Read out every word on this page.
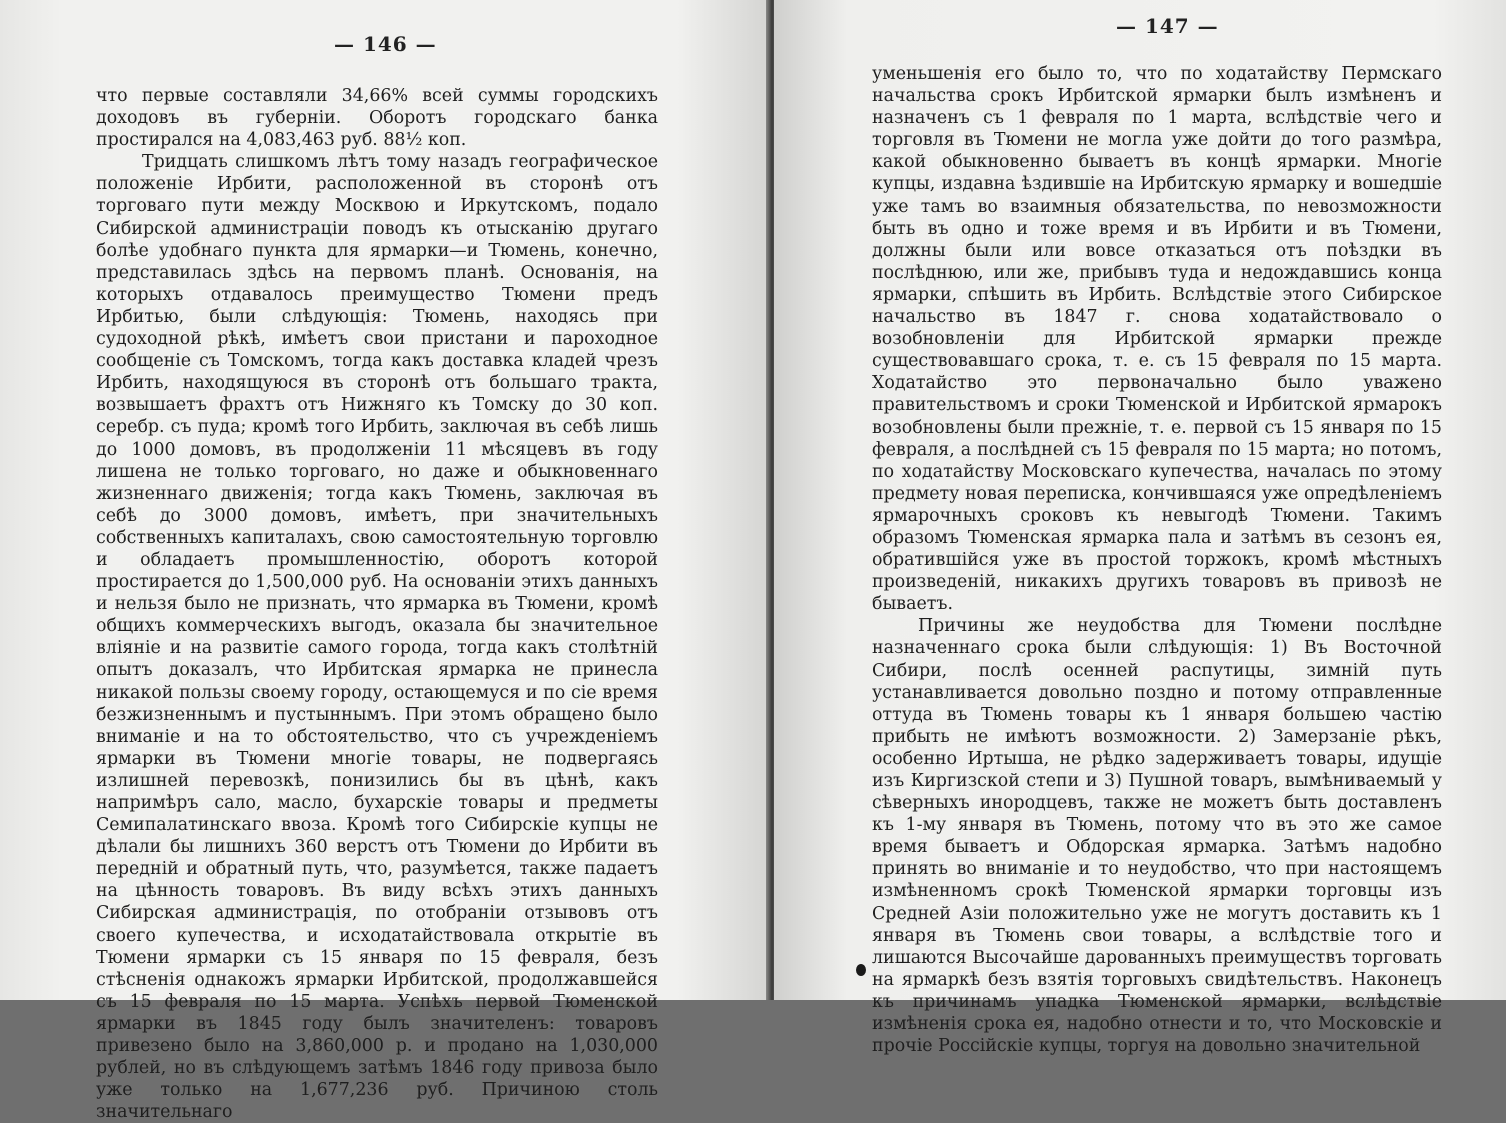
— 146 —

что первые составляли 34,66% всей суммы городскихъ доходовъ въ губерніи. Оборотъ городскаго банка простирался на 4,083,463 руб. 88½ коп.

Тридцать слишкомъ лѣтъ тому назадъ географическое положеніе Ирбити, расположенной въ сторонѣ отъ торговаго пути между Москвою и Иркутскомъ, подало Сибирской администраціи поводъ къ отысканію другаго болѣе удобнаго пункта для ярмарки—и Тюмень, конечно, представилась здѣсь на первомъ планѣ. Основанія, на которыхъ отдавалось преимущество Тюмени предъ Ирбитью, были слѣдующія: Тюмень, находясь при судоходной рѣкѣ, имѣетъ свои пристани и пароходное сообщеніе съ Томскомъ, тогда какъ доставка кладей чрезъ Ирбить, находящуюся въ сторонѣ отъ большаго тракта, возвышаетъ фрахтъ отъ Нижняго къ Томску до 30 коп. серебр. съ пуда; кромѣ того Ирбить, заключая въ себѣ лишь до 1000 домовъ, въ продолженіи 11 мѣсяцевъ въ году лишена не только торговаго, но даже и обыкновеннаго жизненнаго движенія; тогда какъ Тюмень, заключая въ себѣ до 3000 домовъ, имѣетъ, при значительныхъ собственныхъ капиталахъ, свою самостоятельную торговлю и обладаетъ промышленностію, оборотъ которой простирается до 1,500,000 руб. На основаніи этихъ данныхъ и нельзя было не признать, что ярмарка въ Тюмени, кромѣ общихъ коммерческихъ выгодъ, оказала бы значительное вліяніе и на развитіе самого города, тогда какъ столѣтній опытъ доказалъ, что Ирбитская ярмарка не принесла никакой пользы своему городу, остающемуся и по сіе время безжизненнымъ и пустыннымъ. При этомъ обращено было вниманіе и на то обстоятельство, что съ учрежденіемъ ярмарки въ Тюмени многіе товары, не подвергаясь излишней перевозкѣ, понизились бы въ цѣнѣ, какъ напримѣръ сало, масло, бухарскіе товары и предметы Семипалатинскаго ввоза. Кромѣ того Сибирскіе купцы не дѣлали бы лишнихъ 360 верстъ отъ Тюмени до Ирбити въ передній и обратный путь, что, разумѣется, также падаетъ на цѣнность товаровъ. Въ виду всѣхъ этихъ данныхъ Сибирская администрація, по отобраніи отзывовъ отъ своего купечества, и исходатайствовала открытіе въ Тюмени ярмарки съ 15 января по 15 февраля, безъ стѣсненія однакожъ ярмарки Ирбитской, продолжавшейся съ 15 февраля по 15 марта. Успѣхъ первой Тюменской ярмарки въ 1845 году былъ значителенъ: товаровъ привезено было на 3,860,000 р. и продано на 1,030,000 рублей, но въ слѣдующемъ затѣмъ 1846 году привоза было уже только на 1,677,236 руб. Причиною столь значительнаго

— 147 —

уменьшенія его было то, что по ходатайству Пермскаго начальства срокъ Ирбитской ярмарки былъ измѣненъ и назначенъ съ 1 февраля по 1 марта, вслѣдствіе чего и торговля въ Тюмени не могла уже дойти до того размѣра, какой обыкновенно бываетъ въ концѣ ярмарки. Многіе купцы, издавна ѣздившіе на Ирбитскую ярмарку и вошедшіе уже тамъ во взаимныя обязательства, по невозможности быть въ одно и тоже время и въ Ирбити и въ Тюмени, должны были или вовсе отказаться отъ поѣздки въ послѣднюю, или же, прибывъ туда и недождавшись конца ярмарки, спѣшить въ Ирбить. Вслѣдствіе этого Сибирское начальство въ 1847 г. снова ходатайствовало о возобновленіи для Ирбитской ярмарки прежде существовавшаго срока, т. е. съ 15 февраля по 15 марта. Ходатайство это первоначально было уважено правительствомъ и сроки Тюменской и Ирбитской ярмарокъ возобновлены были прежніе, т. е. первой съ 15 января по 15 февраля, а послѣдней съ 15 февраля по 15 марта; но потомъ, по ходатайству Московскаго купечества, началась по этому предмету новая переписка, кончившаяся уже опредѣленіемъ ярмарочныхъ сроковъ къ невыгодѣ Тюмени. Такимъ образомъ Тюменская ярмарка пала и затѣмъ въ сезонъ ея, обратившійся уже въ простой торжокъ, кромѣ мѣстныхъ произведеній, никакихъ другихъ товаровъ въ привозѣ не бываетъ.

Причины же неудобства для Тюмени послѣдне назначеннаго срока были слѣдующія: 1) Въ Восточной Сибири, послѣ осенней распутицы, зимній путь устанавливается довольно поздно и потому отправленные оттуда въ Тюмень товары къ 1 января большею частію прибыть не имѣютъ возможности. 2) Замерзаніе рѣкъ, особенно Иртыша, не рѣдко задерживаетъ товары, идущіе изъ Киргизской степи и 3) Пушной товаръ, вымѣниваемый у сѣверныхъ инородцевъ, также не можетъ быть доставленъ къ 1-му января въ Тюмень, потому что въ это же самое время бываетъ и Обдорская ярмарка. Затѣмъ надобно принять во вниманіе и то неудобство, что при настоящемъ измѣненномъ срокѣ Тюменской ярмарки торговцы изъ Средней Азіи положительно уже не могутъ доставить къ 1 января въ Тюмень свои товары, а вслѣдствіе того и лишаются Высочайше дарованныхъ преимуществъ торговать на ярмаркѣ безъ взятія торговыхъ свидѣтельствъ. Наконецъ къ причинамъ упадка Тюменской ярмарки, вслѣдствіе измѣненія срока ея, надобно отнести и то, что Московскіе и прочіе Россійскіе купцы, торгуя на довольно значительной
